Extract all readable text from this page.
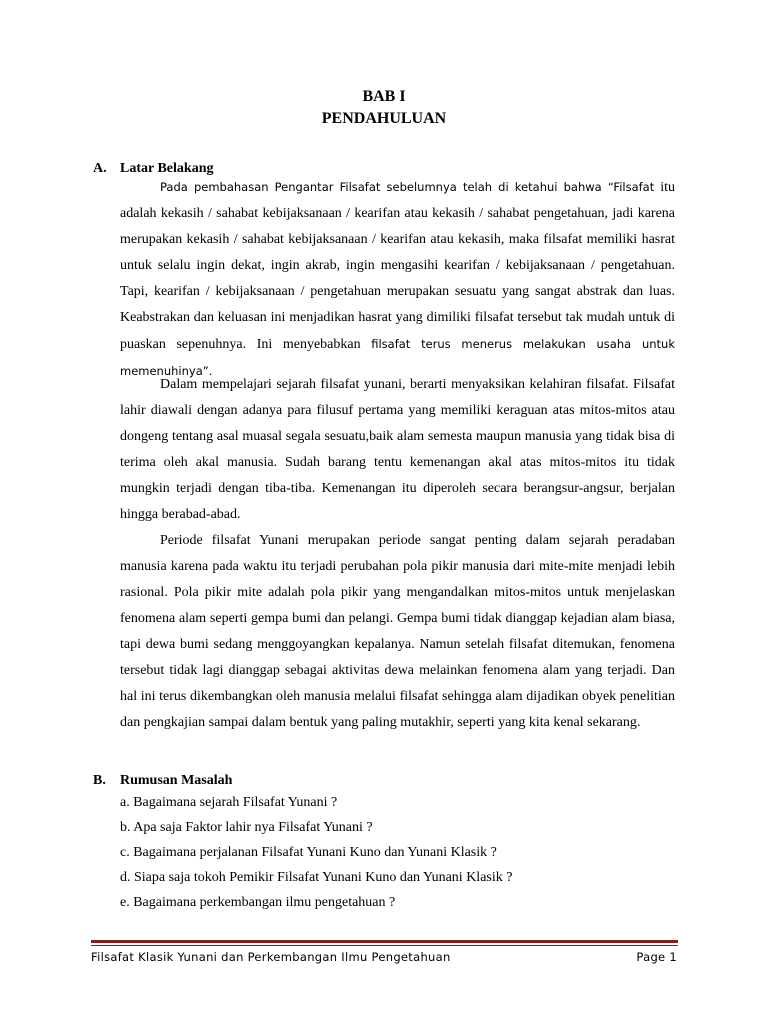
BAB I
PENDAHULUAN
A. Latar Belakang

Pada pembahasan Pengantar Filsafat sebelumnya telah di ketahui bahwa “Filsafat itu adalah kekasih / sahabat kebijaksanaan / kearifan atau kekasih / sahabat pengetahuan, jadi karena merupakan kekasih / sahabat kebijaksanaan / kearifan atau kekasih, maka filsafat memiliki hasrat untuk selalu ingin dekat, ingin akrab, ingin mengasihi kearifan / kebijaksanaan / pengetahuan. Tapi, kearifan / kebijaksanaan / pengetahuan merupakan sesuatu yang sangat abstrak dan luas. Keabstrakan dan keluasan ini menjadikan hasrat yang dimiliki filsafat tersebut tak mudah untuk di puaskan sepenuhnya. Ini menyebabkan filsafat terus menerus melakukan usaha untuk memenuhinya”.

Dalam mempelajari sejarah filsafat yunani, berarti menyaksikan kelahiran filsafat. Filsafat lahir diawali dengan adanya para filusuf pertama yang memiliki keraguan atas mitos-mitos atau dongeng tentang asal muasal segala sesuatu,baik alam semesta maupun manusia yang tidak bisa di terima oleh akal manusia. Sudah barang tentu kemenangan akal atas mitos-mitos itu tidak mungkin terjadi dengan tiba-tiba. Kemenangan itu diperoleh secara berangsur-angsur, berjalan hingga berabad-abad.

Periode filsafat Yunani merupakan periode sangat penting dalam sejarah peradaban manusia karena pada waktu itu terjadi perubahan pola pikir manusia dari mite-mite menjadi lebih rasional. Pola pikir mite adalah pola pikir yang mengandalkan mitos-mitos untuk menjelaskan fenomena alam seperti gempa bumi dan pelangi. Gempa bumi tidak dianggap kejadian alam biasa, tapi dewa bumi sedang menggoyangkan kepalanya. Namun setelah filsafat ditemukan, fenomena tersebut tidak lagi dianggap sebagai aktivitas dewa melainkan fenomena alam yang terjadi. Dan hal ini terus dikembangkan oleh manusia melalui filsafat sehingga alam dijadikan obyek penelitian dan pengkajian sampai dalam bentuk yang paling mutakhir, seperti yang kita kenal sekarang.

B. Rumusan Masalah
a. Bagaimana sejarah Filsafat Yunani ?
b. Apa saja Faktor lahir nya Filsafat Yunani ?
c. Bagaimana perjalanan Filsafat Yunani Kuno dan Yunani Klasik ?
d. Siapa saja tokoh Pemikir Filsafat Yunani Kuno dan Yunani Klasik ?
e. Bagaimana perkembangan ilmu pengetahuan ?
Filsafat Klasik Yunani dan Perkembangan Ilmu Pengetahuan	Page 1
